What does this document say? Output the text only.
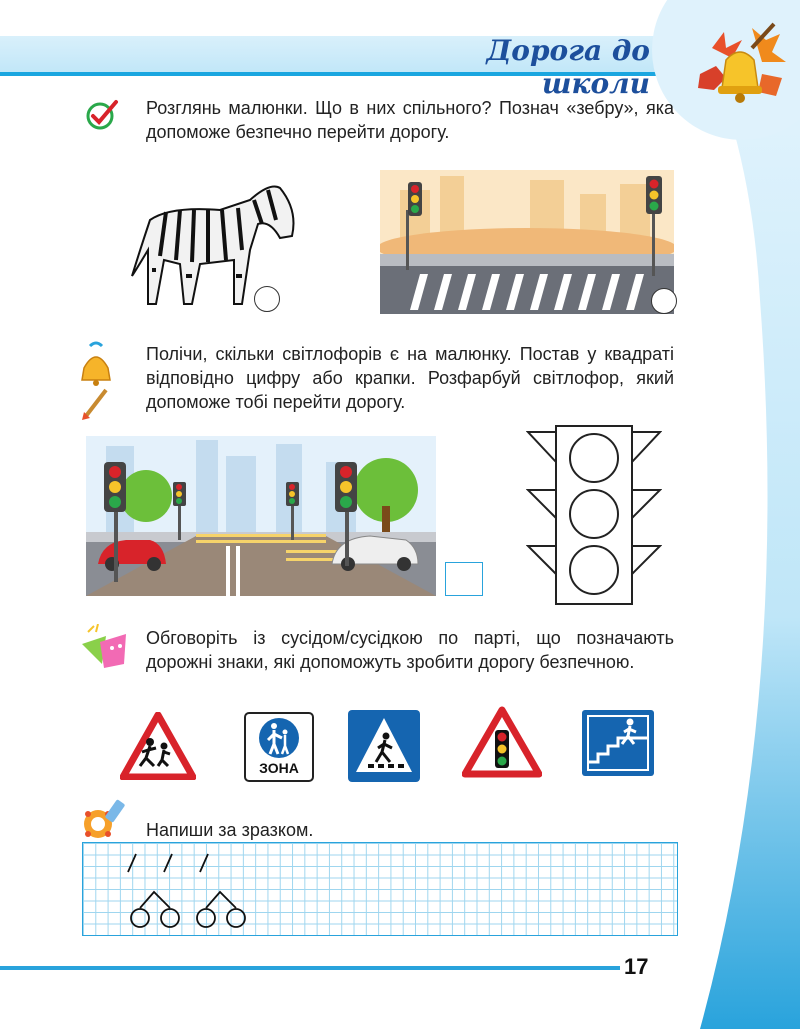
Дорога до школи
Розглянь малюнки. Що в них спільного? Познач «зебру», яка допоможе безпечно перейти дорогу.
Полічи, скільки світлофорів є на малюнку. Постав у квадраті відповідно цифру або крапки. Розфарбуй світлофор, який допоможе тобі перейти дорогу.
Обговоріть із сусідом/сусідкою по парті, що позначають дорожні знаки, які допоможуть зробити дорогу безпечною.
ЗОНА
Напиши за зразком.
17
